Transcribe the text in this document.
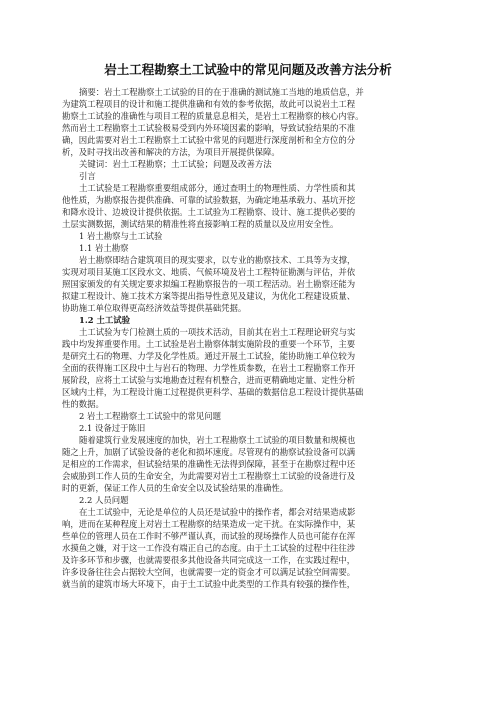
岩土工程勘察土工试验中的常见问题及改善方法分析
摘要：岩土工程勘察土工试验的目的在于准确的测试施工当地的地质信息，并
为建筑工程项目的设计和施工提供准确和有效的参考依据，故此可以说岩土工程
勘察土工试验的准确性与项目工程的质量息息相关，是岩土工程勘察的核心内容。
然而岩土工程勘察土工试验极易受到内外环境因素的影响，导致试验结果的不准
确，因此需要对岩土工程勘察土工试验中常见的问题进行深度剖析和全方位的分
析，及时寻找出改善和解决的方法，为项目开展提供保障。
关键词：岩土工程勘察；土工试验；问题及改善方法
引言
土工试验是工程勘察重要组成部分，通过查明土的物理性质、力学性质和其
他性质，为勘察报告提供准确、可靠的试验数据，为确定地基承载力、基坑开挖
和降水设计、边坡设计提供依据。土工试验为工程勘察、设计、施工提供必要的
土层实测数据，测试结果的精准性将直接影响工程的质量以及应用安全性。
1 岩土勘察与土工试验
1.1 岩土勘察
岩土勘察即结合建筑项目的现实要求，以专业的勘察技术、工具等为支撑，
实现对项目某施工区段水文、地质、气候环境及岩土工程特征勘测与评估，并依
照国家颁发的有关规定要求拟编工程勘察报告的一项工程活动。岩土勘察还能为
拟建工程设计、施工技术方案等提出指导性意见及建议，为优化工程建设质量、
协助施工单位取得更高经济效益等提供基础凭据。
1.2 土工试验
土工试验为专门检测土质的一项技术活动，目前其在岩土工程理论研究与实
践中均发挥重要作用。土工试验是岩土勘察体制实施阶段的重要一个环节，主要
是研究土石的物理、力学及化学性质。通过开展土工试验，能协助施工单位较为
全面的获得施工区段中土与岩石的物理、力学性质参数，在岩土工程勘察工作开
展阶段，应将土工试验与实地勘查过程有机整合，进而更精确地定量、定性分析
区域内土样，为工程设计施工过程提供更科学、基础的数据信息工程设计提供基础
性的数据。
2 岩土工程勘察土工试验中的常见问题
2.1 设备过于陈旧
随着建筑行业发展速度的加快，岩土工程勘察土工试验的项目数量和规模也
随之上升，加剧了试验设备的老化和损坏速度。尽管现有的勘察试验设备可以满
足相应的工作需求，但试验结果的准确性无法得到保障，甚至于在勘察过程中还
会威胁到工作人员的生命安全，为此需要对岩土工程勘察土工试验的设备进行及
时的更新，保证工作人员的生命安全以及试验结果的准确性。
2.2 人员问题
在土工试验中，无论是单位的人员还是试验中的操作者，都会对结果造成影
响，进而在某种程度上对岩土工程勘察的结果造成一定干扰。在实际操作中，某
些单位的管理人员在工作时不够严谨认真，而试验的现场操作人员也可能存在浑
水摸鱼之嫌，对于这一工作没有端正自己的态度。由于土工试验的过程中往往涉
及许多环节和步骤，也就需要很多其他设备共同完成这一工作，在实践过程中，
许多设备往往会占据较大空间，也就需要一定的资金才可以满足试验空间需要。
就当前的建筑市场大环境下，由于土工试验中此类型的工作具有较强的操作性，
